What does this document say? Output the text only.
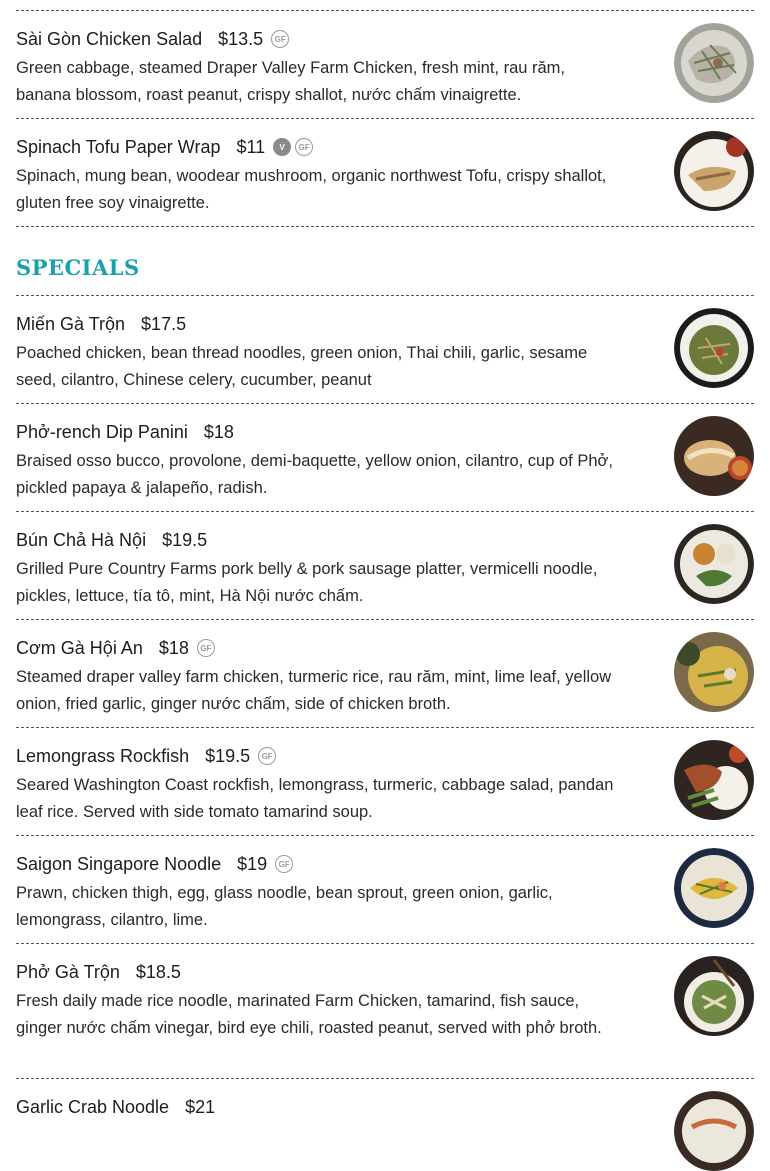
Sài Gòn Chicken Salad $13.5	GF
Green cabbage, steamed Draper Valley Farm Chicken, fresh mint, rau răm, banana blossom, roast peanut, crispy shallot, nước chấm vinaigrette.
Spinach Tofu Paper Wrap $11	V	GF
Spinach, mung bean, woodear mushroom, organic northwest Tofu, crispy shallot, gluten free soy vinaigrette.
SPECIALS
Miến Gà Trộn $17.5
Poached chicken, bean thread noodles, green onion, Thai chili, garlic, sesame seed, cilantro, Chinese celery, cucumber, peanut
Phở-rench Dip Panini $18
Braised osso bucco, provolone, demi-baquette, yellow onion, cilantro, cup of Phở, pickled papaya & jalapeño, radish.
Bún Chả Hà Nội $19.5
Grilled Pure Country Farms pork belly & pork sausage platter, vermicelli noodle, pickles, lettuce, tía tô, mint, Hà Nội nước chấm.
Cơm Gà Hội An $18	GF
Steamed draper valley farm chicken, turmeric rice, rau răm, mint, lime leaf, yellow onion, fried garlic, ginger nước chấm, side of chicken broth.
Lemongrass Rockfish $19.5	GF
Seared Washington Coast rockfish, lemongrass, turmeric, cabbage salad, pandan leaf rice. Served with side tomato tamarind soup.
Saigon Singapore Noodle $19	GF
Prawn, chicken thigh, egg, glass noodle, bean sprout, green onion, garlic, lemongrass, cilantro, lime.
Phở Gà Trộn $18.5
Fresh daily made rice noodle, marinated Farm Chicken, tamarind, fish sauce, ginger nước chấm vinegar, bird eye chili, roasted peanut, served with phở broth.
Garlic Crab Noodle $21
